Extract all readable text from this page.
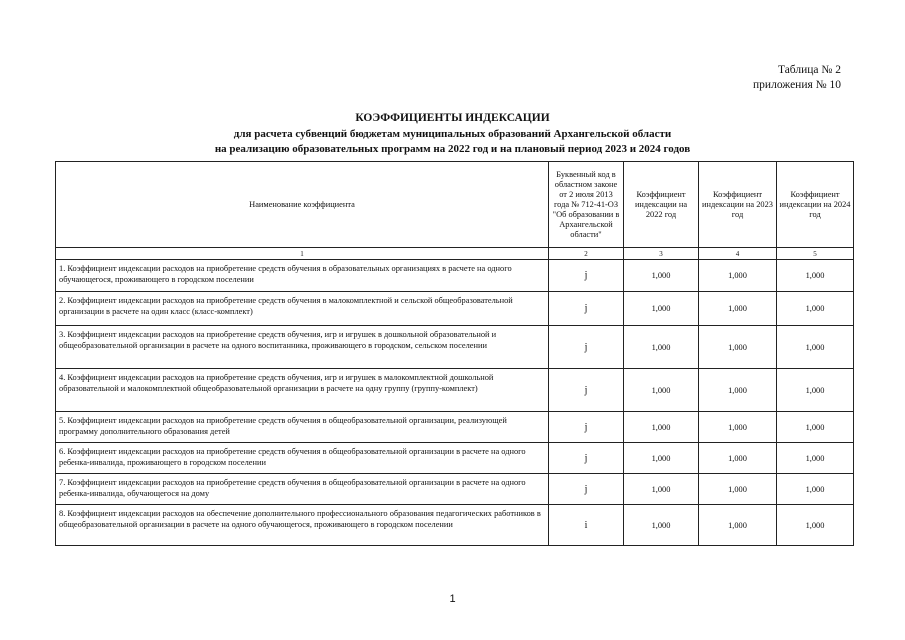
Таблица № 2
приложения № 10
КОЭФФИЦИЕНТЫ ИНДЕКСАЦИИ
для расчета субвенций бюджетам муниципальных образований Архангельской области
на реализацию образовательных программ на 2022 год и на плановый период 2023 и 2024 годов
Наименование коэффициента	Буквенный код в областном законе от 2 июля 2013 года № 712-41-ОЗ "Об образовании в Архангельской области"	Коэффициент индексации на 2022 год	Коэффициент индексации на 2023 год	Коэффициент индексации на 2024 год
1	2	3	4	5
1. Коэффициент индексации расходов на приобретение средств обучения в образовательных организациях в расчете на одного обучающегося, проживающего в городском поселении	j	1,000	1,000	1,000
2. Коэффициент индексации расходов на приобретение средств обучения в малокомплектной и сельской общеобразовательной организации в расчете на один класс (класс-комплект)	j	1,000	1,000	1,000
3. Коэффициент индексации расходов на приобретение средств обучения, игр и игрушек в дошкольной образовательной и общеобразовательной организации в расчете на одного воспитанника, проживающего в городском, сельском поселении	j	1,000	1,000	1,000
4. Коэффициент индексации расходов на приобретение средств обучения, игр и игрушек в малокомплектной дошкольной образовательной и малокомплектной общеобразовательной организации в расчете на одну группу (группу-комплект)	j	1,000	1,000	1,000
5. Коэффициент индексации расходов на приобретение средств обучения в общеобразовательной организации, реализующей программу дополнительного образования детей	j	1,000	1,000	1,000
6. Коэффициент индексации расходов на приобретение средств обучения в общеобразовательной организации в расчете на одного ребенка-инвалида, проживающего в городском поселении	j	1,000	1,000	1,000
7. Коэффициент индексации расходов на приобретение средств обучения в общеобразовательной организации в расчете на одного ребенка-инвалида, обучающегося на дому	j	1,000	1,000	1,000
8. Коэффициент индексации расходов на обеспечение дополнительного профессионального образования педагогических работников в общеобразовательной организации в расчете на одного обучающегося, проживающего в городском поселении	i	1,000	1,000	1,000
1
